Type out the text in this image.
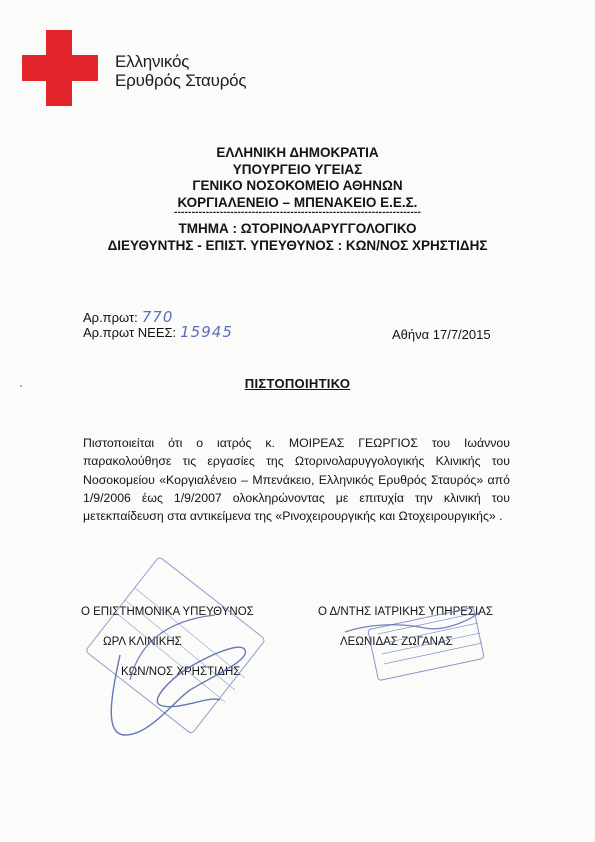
Ελληνικός
Ερυθρός Σταυρός
ΕΛΛΗΝΙΚΗ ΔΗΜΟΚΡΑΤΙΑ
ΥΠΟΥΡΓΕΙΟ ΥΓΕΙΑΣ
ΓΕΝΙΚΟ ΝΟΣΟΚΟΜΕΙΟ ΑΘΗΝΩΝ
ΚΟΡΓΙΑΛΕΝΕΙΟ – ΜΠΕΝΑΚΕΙΟ Ε.Ε.Σ.
----------------------------------------------------------------------
ΤΜΗΜΑ : ΩΤΟΡΙΝΟΛΑΡΥΓΓΟΛΟΓΙΚΟ
ΔΙΕΥΘΥΝΤΗΣ - ΕΠΙΣΤ. ΥΠΕΥΘΥΝΟΣ : ΚΩΝ/ΝΟΣ ΧΡΗΣΤΙΔΗΣ
Αρ.πρωτ: 770
Αρ.πρωτ ΝΕΕΣ: 15945	Αθήνα 17/7/2015
ΠΙΣΤΟΠΟΙΗΤΙΚΟ
Πιστοποιείται ότι ο ιατρός κ. ΜΟΙΡΕΑΣ ΓΕΩΡΓΙΟΣ του Ιωάννου παρακολούθησε τις εργασίες της Ωτορινολαρυγγολογικής Κλινικής του Νοσοκομείου «Κοργιαλένειο – Μπενάκειο, Ελληνικός Ερυθρός Σταυρός» από 1/9/2006 έως 1/9/2007 ολοκληρώνοντας με επιτυχία την κλινική του μετεκπαίδευση στα αντικείμενα της «Ρινοχειρουργικής και Ωτοχειρουργικής» .
Ο ΕΠΙΣΤΗΜΟΝΙΚΑ ΥΠΕΥΘΥΝΟΣ
ΩΡΛ ΚΛΙΝΙΚΗΣ
ΚΩΝ/ΝΟΣ ΧΡΗΣΤΙΔΗΣ
Ο Δ/ΝΤΗΣ ΙΑΤΡΙΚΗΣ ΥΠΗΡΕΣΙΑΣ
ΛΕΩΝΙΔΑΣ ΖΩΓΑΝΑΣ
